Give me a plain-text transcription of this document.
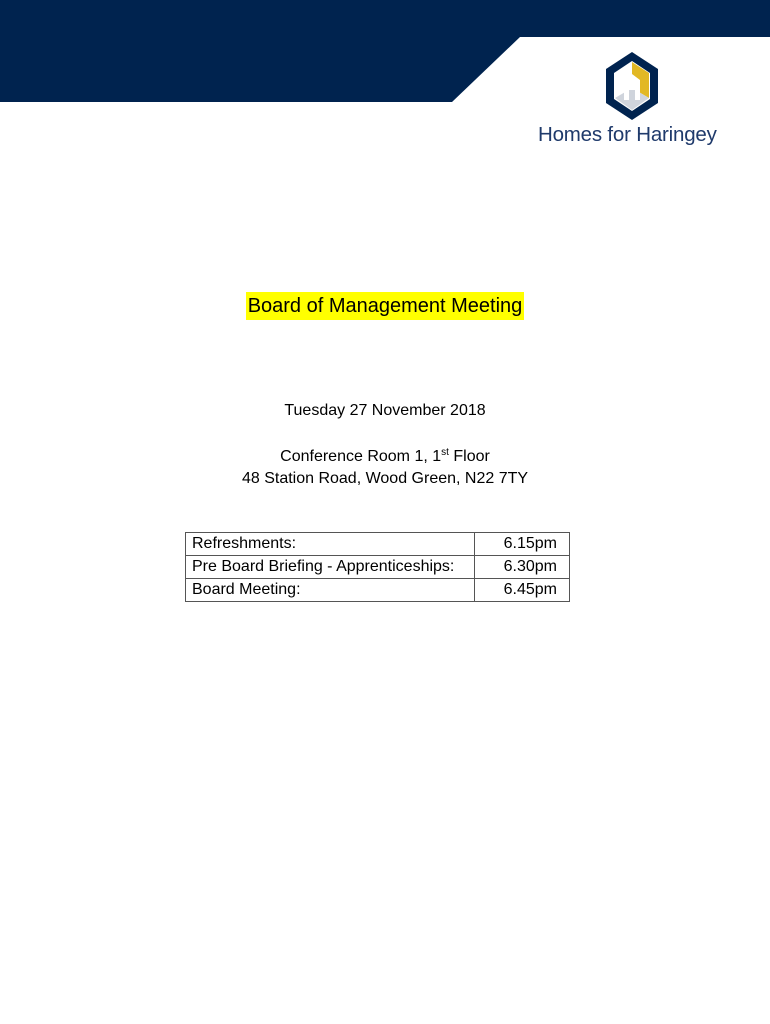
Homes for Haringey
Board of Management Meeting
Tuesday 27 November 2018
Conference Room 1, 1st Floor
48 Station Road, Wood Green, N22 7TY
Refreshments:	6.15pm
Pre Board Briefing - Apprenticeships:	6.30pm
Board Meeting:	6.45pm
